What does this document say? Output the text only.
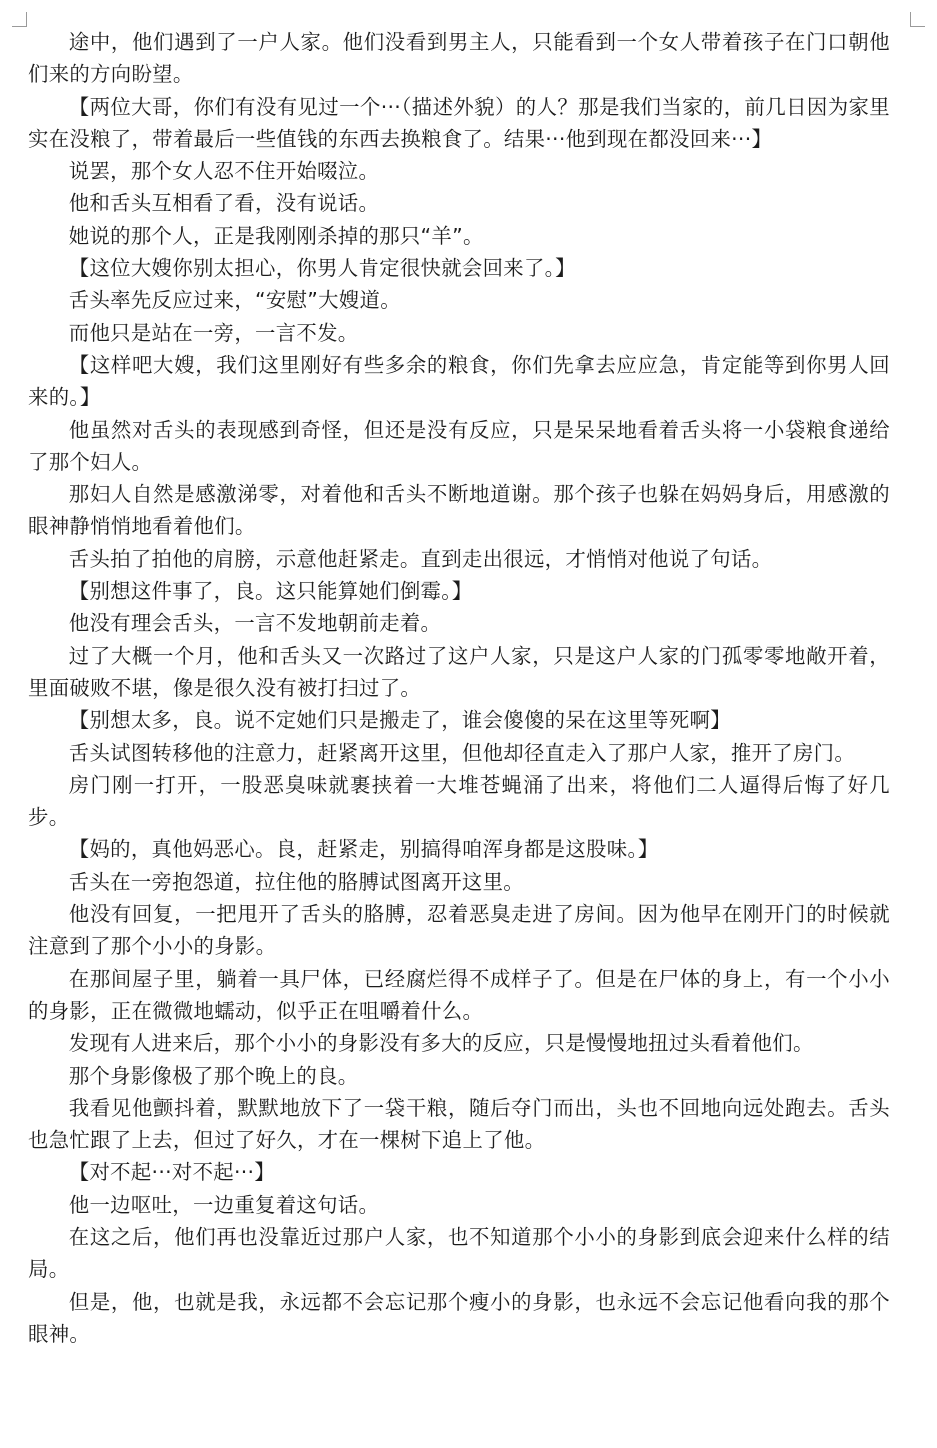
途中，他们遇到了一户人家。他们没看到男主人，只能看到一个女人带着孩子在门口朝他们来的方向盼望。

【两位大哥，你们有没有见过一个···（描述外貌）的人？那是我们当家的，前几日因为家里实在没粮了，带着最后一些值钱的东西去换粮食了。结果···他到现在都没回来···】

说罢，那个女人忍不住开始啜泣。

他和舌头互相看了看，没有说话。

她说的那个人，正是我刚刚杀掉的那只“羊”。

【这位大嫂你别太担心，你男人肯定很快就会回来了。】

舌头率先反应过来，“安慰”大嫂道。

而他只是站在一旁，一言不发。

【这样吧大嫂，我们这里刚好有些多余的粮食，你们先拿去应应急，肯定能等到你男人回来的。】

他虽然对舌头的表现感到奇怪，但还是没有反应，只是呆呆地看着舌头将一小袋粮食递给了那个妇人。

那妇人自然是感激涕零，对着他和舌头不断地道谢。那个孩子也躲在妈妈身后，用感激的眼神静悄悄地看着他们。

舌头拍了拍他的肩膀，示意他赶紧走。直到走出很远，才悄悄对他说了句话。

【别想这件事了，良。这只能算她们倒霉。】

他没有理会舌头，一言不发地朝前走着。

过了大概一个月，他和舌头又一次路过了这户人家，只是这户人家的门孤零零地敞开着，里面破败不堪，像是很久没有被打扫过了。

【别想太多，良。说不定她们只是搬走了，谁会傻傻的呆在这里等死啊】

舌头试图转移他的注意力，赶紧离开这里，但他却径直走入了那户人家，推开了房门。

房门刚一打开，一股恶臭味就裹挟着一大堆苍蝇涌了出来，将他们二人逼得后悔了好几步。

【妈的，真他妈恶心。良，赶紧走，别搞得咱浑身都是这股味。】

舌头在一旁抱怨道，拉住他的胳膊试图离开这里。

他没有回复，一把甩开了舌头的胳膊，忍着恶臭走进了房间。因为他早在刚开门的时候就注意到了那个小小的身影。

在那间屋子里，躺着一具尸体，已经腐烂得不成样子了。但是在尸体的身上，有一个小小的身影，正在微微地蠕动，似乎正在咀嚼着什么。

发现有人进来后，那个小小的身影没有多大的反应，只是慢慢地扭过头看着他们。

那个身影像极了那个晚上的良。

我看见他颤抖着，默默地放下了一袋干粮，随后夺门而出，头也不回地向远处跑去。舌头也急忙跟了上去，但过了好久，才在一棵树下追上了他。

【对不起···对不起···】

他一边呕吐，一边重复着这句话。

在这之后，他们再也没靠近过那户人家，也不知道那个小小的身影到底会迎来什么样的结局。

但是，他，也就是我，永远都不会忘记那个瘦小的身影，也永远不会忘记他看向我的那个眼神。
